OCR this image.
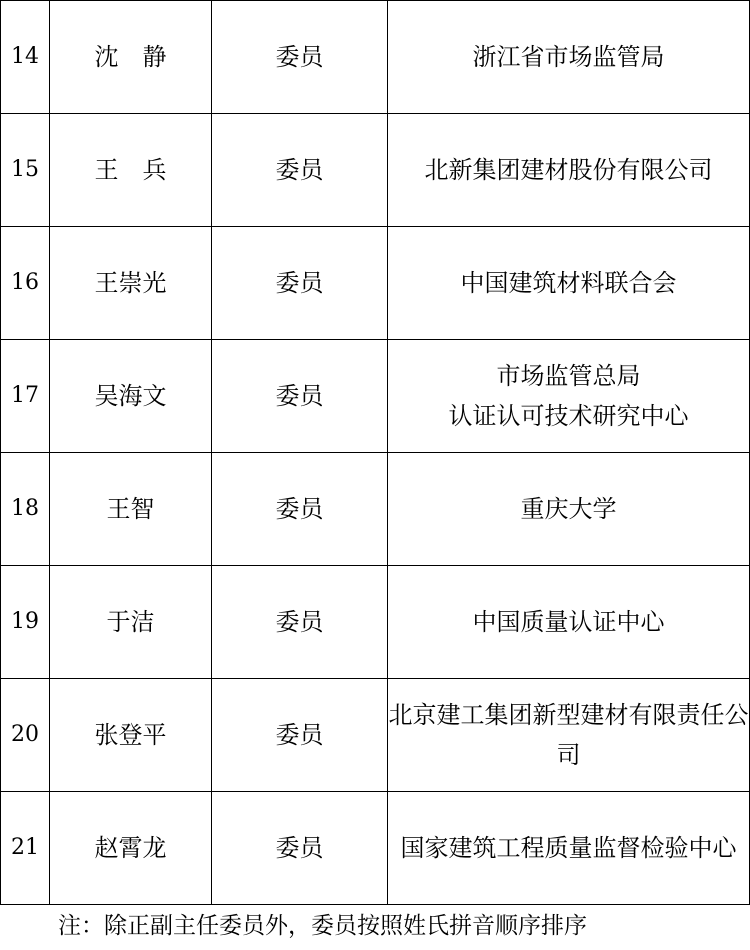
14	沈　静	委员	浙江省市场监管局

15	王　兵	委员	北新集团建材股份有限公司

16	王崇光	委员	中国建筑材料联合会

17	吴海文	委员	市场监管总局
认证认可技术研究中心

18	王智	委员	重庆大学

19	于洁	委员	中国质量认证中心

20	张登平	委员	北京建工集团新型建材有限责任公司

21	赵霄龙	委员	国家建筑工程质量监督检验中心
注：除正副主任委员外，委员按照姓氏拼音顺序排序
